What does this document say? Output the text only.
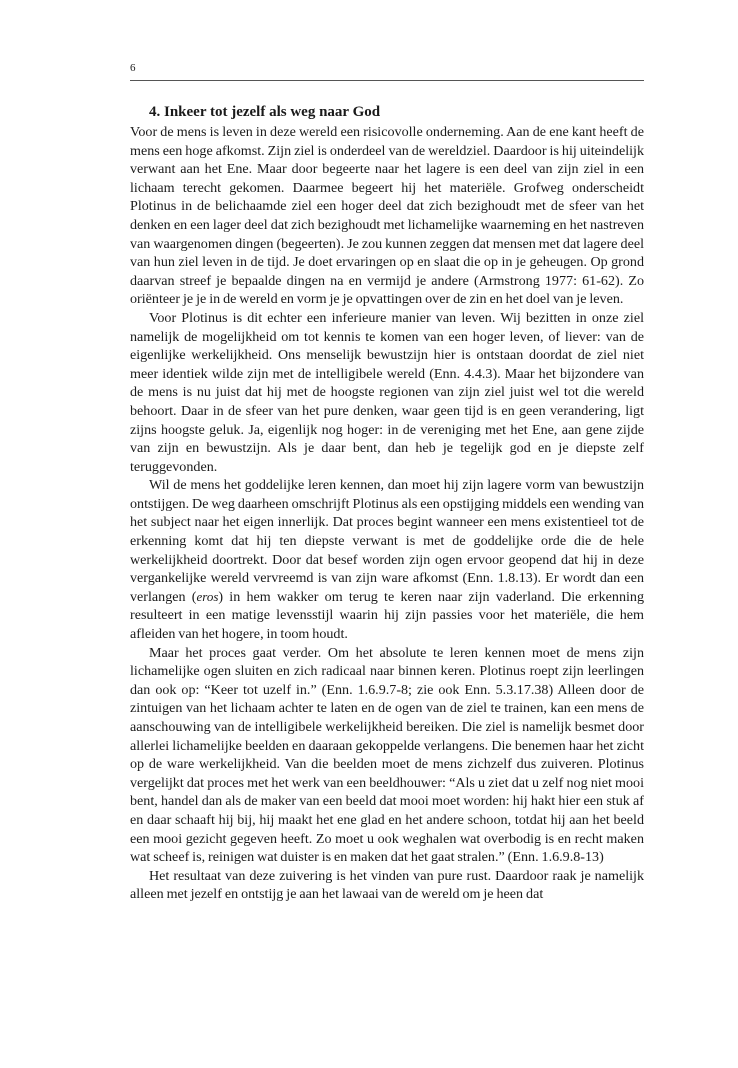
6
4. Inkeer tot jezelf als weg naar God

Voor de mens is leven in deze wereld een risicovolle onderneming. Aan de ene kant heeft de mens een hoge afkomst. Zijn ziel is onderdeel van de wereldziel. Daardoor is hij uiteindelijk verwant aan het Ene. Maar door begeerte naar het lagere is een deel van zijn ziel in een lichaam terecht gekomen. Daarmee begeert hij het materiële. Grofweg onderscheidt Plotinus in de belichaamde ziel een hoger deel dat zich bezighoudt met de sfeer van het denken en een lager deel dat zich bezighoudt met lichamelijke waarneming en het nastreven van waargenomen dingen (begeerten). Je zou kunnen zeggen dat mensen met dat lagere deel van hun ziel leven in de tijd. Je doet ervaringen op en slaat die op in je geheugen. Op grond daarvan streef je bepaalde dingen na en vermijd je andere (Armstrong 1977: 61-62). Zo oriënteer je je in de wereld en vorm je je opvattingen over de zin en het doel van je leven.

Voor Plotinus is dit echter een inferieure manier van leven. Wij bezitten in onze ziel namelijk de mogelijkheid om tot kennis te komen van een hoger leven, of liever: van de eigenlijke werkelijkheid. Ons menselijk bewustzijn hier is ontstaan doordat de ziel niet meer identiek wilde zijn met de intelligibele wereld (Enn. 4.4.3). Maar het bijzondere van de mens is nu juist dat hij met de hoogste regionen van zijn ziel juist wel tot die wereld behoort. Daar in de sfeer van het pure denken, waar geen tijd is en geen verandering, ligt zijns hoogste geluk. Ja, eigenlijk nog hoger: in de vereniging met het Ene, aan gene zijde van zijn en bewustzijn. Als je daar bent, dan heb je tegelijk god en je diepste zelf teruggevonden.

Wil de mens het goddelijke leren kennen, dan moet hij zijn lagere vorm van bewustzijn ontstijgen. De weg daarheen omschrijft Plotinus als een opstijging middels een wending van het subject naar het eigen innerlijk. Dat proces begint wanneer een mens existentieel tot de erkenning komt dat hij ten diepste verwant is met de goddelijke orde die de hele werkelijkheid doortrekt. Door dat besef worden zijn ogen ervoor geopend dat hij in deze vergankelijke wereld vervreemd is van zijn ware afkomst (Enn. 1.8.13). Er wordt dan een verlangen (eros) in hem wakker om terug te keren naar zijn vaderland. Die erkenning resulteert in een matige levensstijl waarin hij zijn passies voor het materiële, die hem afleiden van het hogere, in toom houdt.

Maar het proces gaat verder. Om het absolute te leren kennen moet de mens zijn lichamelijke ogen sluiten en zich radicaal naar binnen keren. Plotinus roept zijn leerlingen dan ook op: “Keer tot uzelf in.” (Enn. 1.6.9.7-8; zie ook Enn. 5.3.17.38) Alleen door de zintuigen van het lichaam achter te laten en de ogen van de ziel te trainen, kan een mens de aanschouwing van de intelligibele werkelijkheid bereiken. Die ziel is namelijk besmet door allerlei lichamelijke beelden en daaraan gekoppelde verlangens. Die benemen haar het zicht op de ware werkelijkheid. Van die beelden moet de mens zichzelf dus zuiveren. Plotinus vergelijkt dat proces met het werk van een beeldhouwer: “Als u ziet dat u zelf nog niet mooi bent, handel dan als de maker van een beeld dat mooi moet worden: hij hakt hier een stuk af en daar schaaft hij bij, hij maakt het ene glad en het andere schoon, totdat hij aan het beeld een mooi gezicht gegeven heeft. Zo moet u ook weghalen wat overbodig is en recht maken wat scheef is, reinigen wat duister is en maken dat het gaat stralen.” (Enn. 1.6.9.8-13)

Het resultaat van deze zuivering is het vinden van pure rust. Daardoor raak je namelijk alleen met jezelf en ontstijg je aan het lawaai van de wereld om je heen dat
